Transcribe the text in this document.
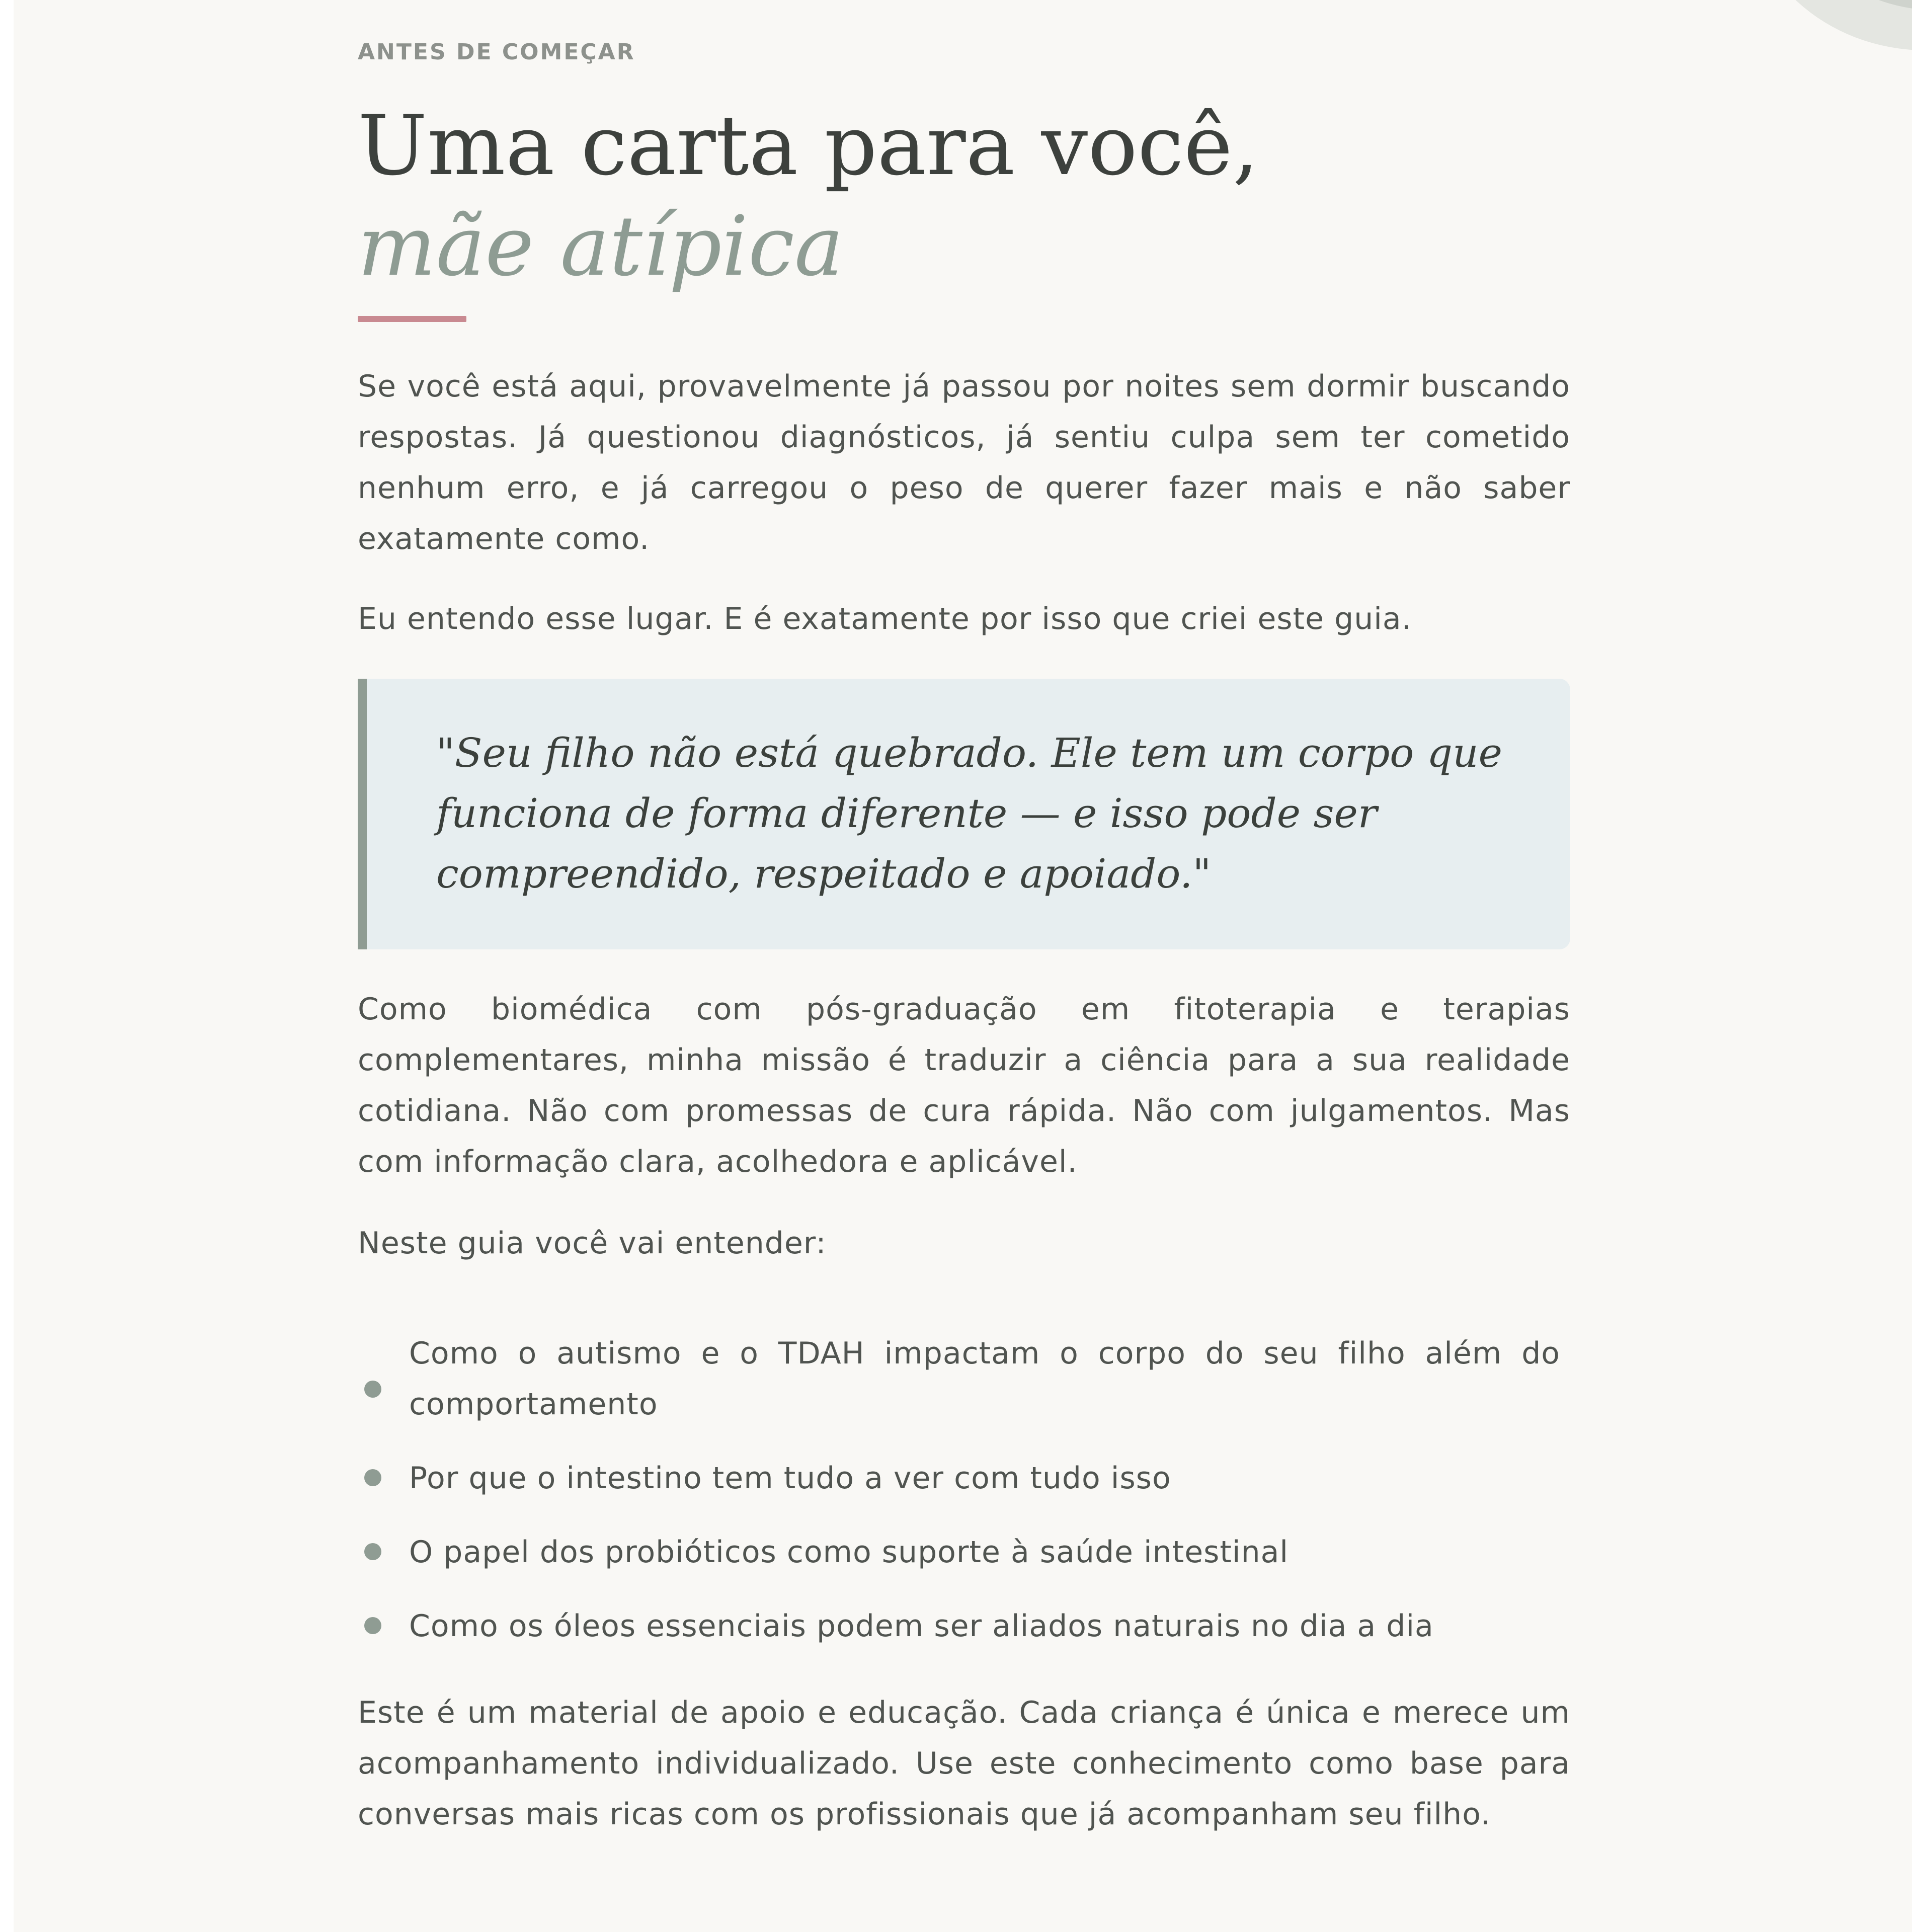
ANTES DE COMEÇAR
Uma carta para você,
mãe atípica

Se você está aqui, provavelmente já passou por noites sem dormir buscando respostas. Já questionou diagnósticos, já sentiu culpa sem ter cometido nenhum erro, e já carregou o peso de querer fazer mais e não saber exatamente como.

Eu entendo esse lugar. E é exatamente por isso que criei este guia.

"Seu filho não está quebrado. Ele tem um corpo que funciona de forma diferente — e isso pode ser compreendido, respeitado e apoiado."

Como biomédica com pós-graduação em fitoterapia e terapias complementares, minha missão é traduzir a ciência para a sua realidade cotidiana. Não com promessas de cura rápida. Não com julgamentos. Mas com informação clara, acolhedora e aplicável.

Neste guia você vai entender:

Como o autismo e o TDAH impactam o corpo do seu filho além do comportamento
Por que o intestino tem tudo a ver com tudo isso
O papel dos probióticos como suporte à saúde intestinal
Como os óleos essenciais podem ser aliados naturais no dia a dia

Este é um material de apoio e educação. Cada criança é única e merece um acompanhamento individualizado. Use este conhecimento como base para conversas mais ricas com os profissionais que já acompanham seu filho.
